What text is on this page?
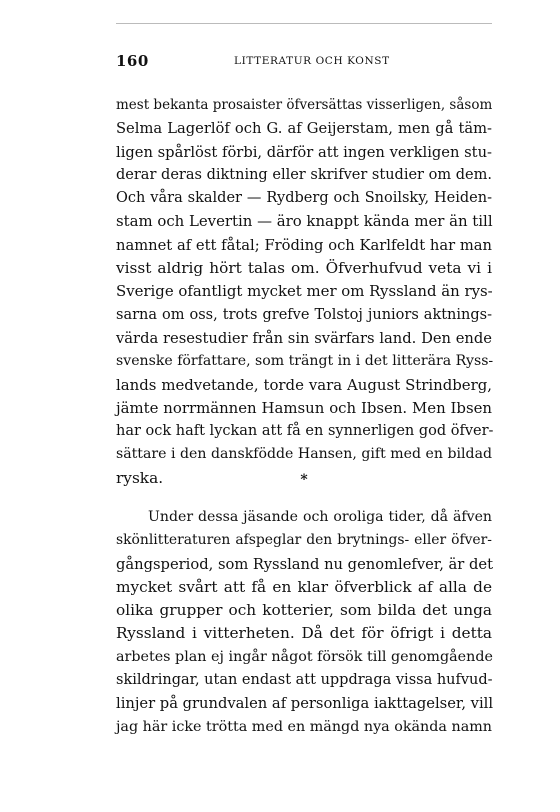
160	LITTERATUR OCH KONST
mest bekanta prosaister öfversättas visserligen, såsom
Selma Lagerlöf och G. af Geijerstam, men gå täm-
ligen spårlöst förbi, därför att ingen verkligen stu-
derar deras diktning eller skrifver studier om dem.
Och våra skalder — Rydberg och Snoilsky, Heiden-
stam och Levertin — äro knappt kända mer än till
namnet af ett fåtal; Fröding och Karlfeldt har man
visst aldrig hört talas om. Öfverhufvud veta vi i
Sverige ofantligt mycket mer om Ryssland än rys-
sarna om oss, trots grefve Tolstoj juniors aktnings-
värda resestudier från sin svärfars land. Den ende
svenske författare, som trängt in i det litterära Ryss-
lands medvetande, torde vara August Strindberg,
jämte norrmännen Hamsun och Ibsen. Men Ibsen
har ock haft lyckan att få en synnerligen god öfver-
sättare i den danskfödde Hansen, gift med en bildad
ryska.	*
Under dessa jäsande och oroliga tider, då äfven
skönlitteraturen afspeglar den brytnings- eller öfver-
gångsperiod, som Ryssland nu genomlefver, är det
mycket svårt att få en klar öfverblick af alla de
olika grupper och kotterier, som bilda det unga
Ryssland i vitterheten. Då det för öfrigt i detta
arbetes plan ej ingår något försök till genomgående
skildringar, utan endast att uppdraga vissa hufvud-
linjer på grundvalen af personliga iakttagelser, vill
jag här icke trötta med en mängd nya okända namn
